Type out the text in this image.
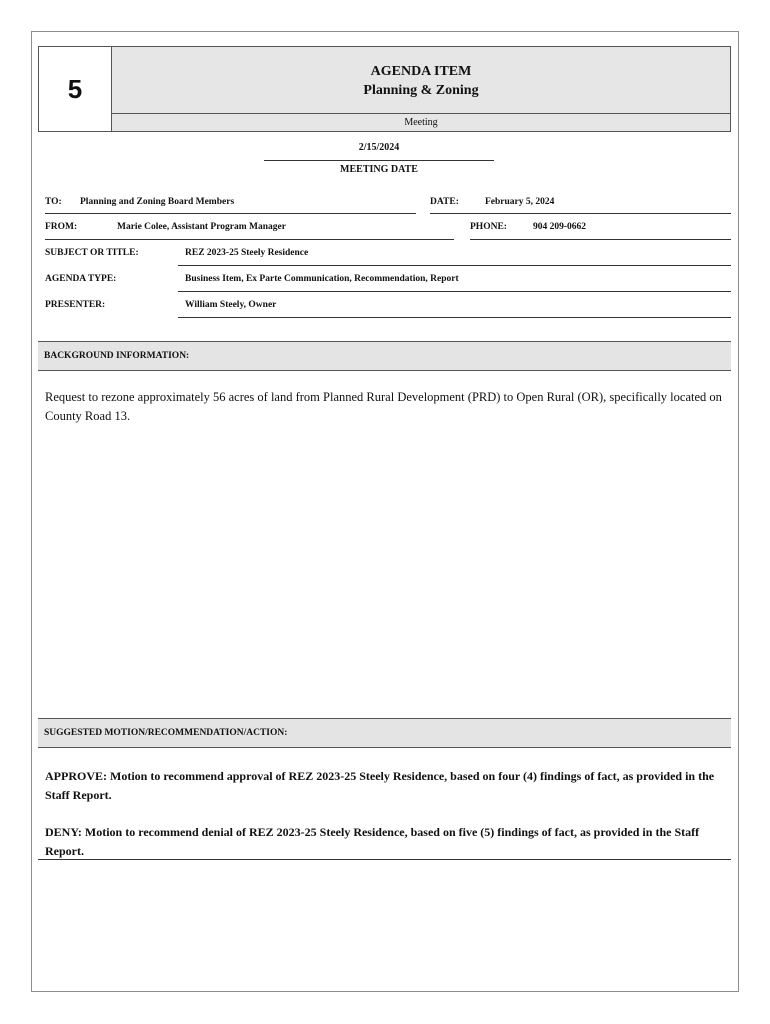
5
AGENDA ITEM
Planning & Zoning
Meeting
2/15/2024
MEETING DATE
TO: Planning and Zoning Board Members	DATE:	February 5, 2024
FROM:	Marie Colee, Assistant Program Manager	PHONE:	904 209-0662
SUBJECT OR TITLE:	REZ 2023-25 Steely Residence
AGENDA TYPE:	Business Item, Ex Parte Communication, Recommendation, Report
PRESENTER:	William Steely, Owner
BACKGROUND INFORMATION:
Request to rezone approximately 56 acres of land from Planned Rural Development (PRD) to Open Rural (OR), specifically located on County Road 13.
SUGGESTED MOTION/RECOMMENDATION/ACTION:
APPROVE: Motion to recommend approval of REZ 2023-25 Steely Residence, based on four (4) findings of fact, as provided in the Staff Report.
DENY: Motion to recommend denial of REZ 2023-25 Steely Residence, based on five (5) findings of fact, as provided in the Staff Report.
